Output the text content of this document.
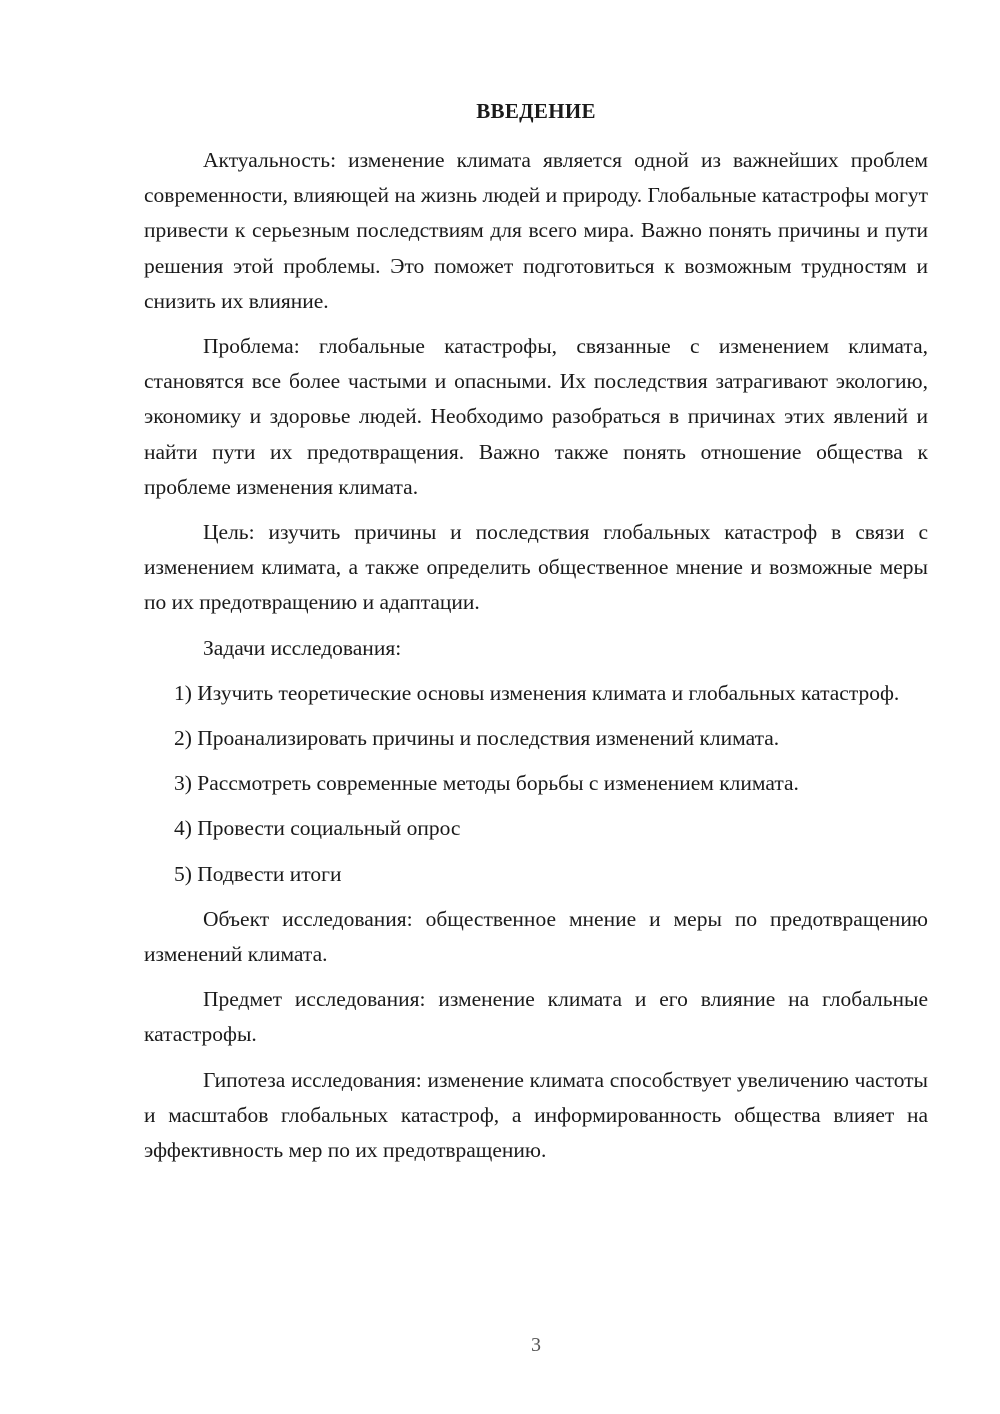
ВВЕДЕНИЕ

Актуальность: изменение климата является одной из важнейших проблем современности, влияющей на жизнь людей и природу. Глобальные катастрофы могут привести к серьезным последствиям для всего мира. Важно понять причины и пути решения этой проблемы. Это поможет подготовиться к возможным трудностям и снизить их влияние.

Проблема: глобальные катастрофы, связанные с изменением климата, становятся все более частыми и опасными. Их последствия затрагивают экологию, экономику и здоровье людей. Необходимо разобраться в причинах этих явлений и найти пути их предотвращения. Важно также понять отношение общества к проблеме изменения климата.

Цель: изучить причины и последствия глобальных катастроф в связи с изменением климата, а также определить общественное мнение и возможные меры по их предотвращению и адаптации.

Задачи исследования:

1) Изучить теоретические основы изменения климата и глобальных катастроф.

2) Проанализировать причины и последствия изменений климата.

3) Рассмотреть современные методы борьбы с изменением климата.

4) Провести социальный опрос

5) Подвести итоги

Объект исследования: общественное мнение и меры по предотвращению изменений климата.

Предмет исследования: изменение климата и его влияние на глобальные катастрофы.

Гипотеза исследования: изменение климата способствует увеличению частоты и масштабов глобальных катастроф, а информированность общества влияет на эффективность мер по их предотвращению.

3
